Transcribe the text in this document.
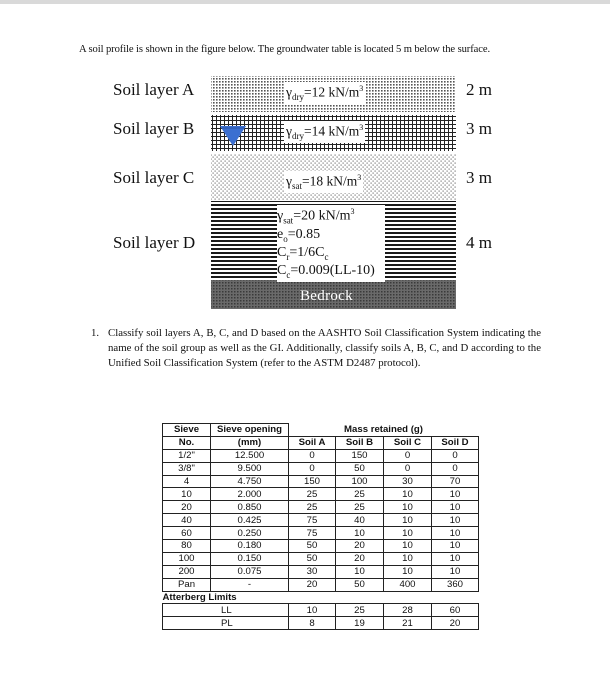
A soil profile is shown in the figure below. The groundwater table is located 5 m below the surface.
Soil layer A
Soil layer B
Soil layer C
Soil layer D
2 m
3 m
3 m
4 m
$\gamma_{dry}=12$ $kN/m^3$
$\gamma_{dry}=14$ $kN/m^3$
$\gamma_{sat}=18$ $kN/m^3$
$\gamma_{sat}=20$ $kN/m^3$
$e_o=0.85$
$C_r=1/6C_c$
$C_c=0.009(LL-10)$
Bedrock
1. Classify soil layers A, B, C, and D based on the AASHTO Soil Classification System indicating the name of the soil group as well as the GI. Additionally, classify soils A, B, C, and D according to the Unified Soil Classification System (refer to the ASTM D2487 protocol).
Sieve	Sieve opening		Mass retained (g)		
No.	(mm)	Soil A	Soil B	Soil C	Soil D
1/2"	12.500	0	150	0	0
3/8"	9.500	0	50	0	0
4	4.750	150	100	30	70
10	2.000	25	25	10	10
20	0.850	25	25	10	10
40	0.425	75	40	10	10
60	0.250	75	10	10	10
80	0.180	50	20	10	10
100	0.150	50	20	10	10
200	0.075	30	10	10	10
Pan	-	20	50	400	360
Atterberg Limits					
LL		10	25	28	60
PL		8	19	21	20
